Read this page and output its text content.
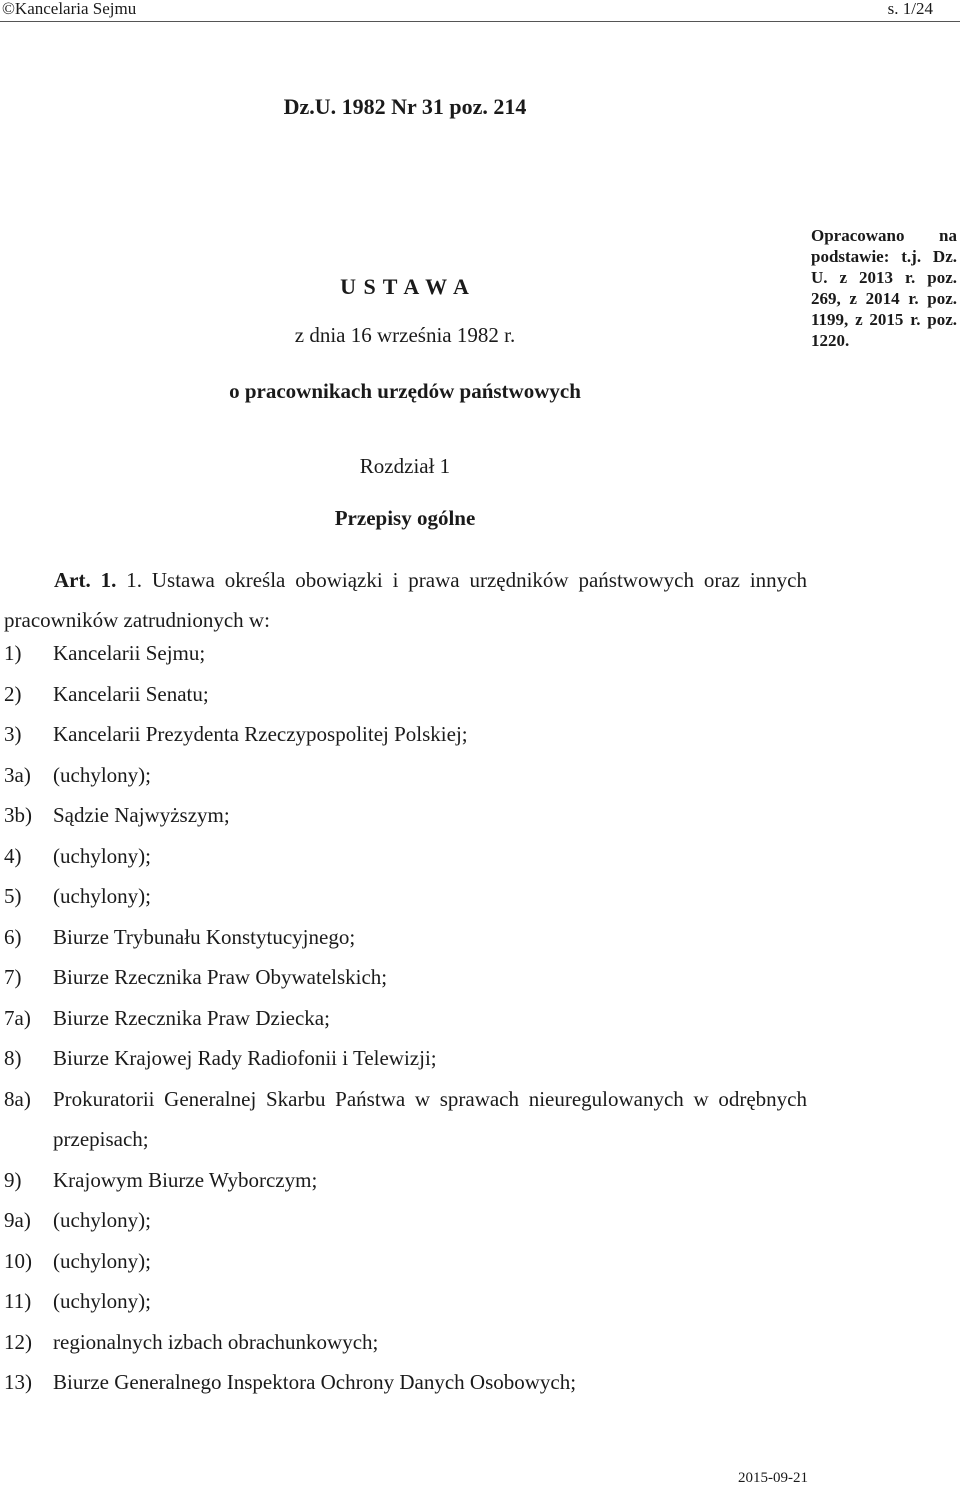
©Kancelaria Sejmu	s. 1/24
Dz.U. 1982 Nr 31 poz. 214
U S T A W A
z dnia 16 września 1982 r.
o pracownikach urzędów państwowych
Opracowano na podstawie: t.j. Dz. U. z 2013 r. poz. 269, z 2014 r. poz. 1199, z 2015 r. poz. 1220.
Rozdział 1
Przepisy ogólne
Art. 1. 1. Ustawa określa obowiązki i prawa urzędników państwowych oraz innych pracowników zatrudnionych w:
1)	Kancelarii Sejmu;
2)	Kancelarii Senatu;
3)	Kancelarii Prezydenta Rzeczypospolitej Polskiej;
3a)	(uchylony);
3b)	Sądzie Najwyższym;
4)	(uchylony);
5)	(uchylony);
6)	Biurze Trybunału Konstytucyjnego;
7)	Biurze Rzecznika Praw Obywatelskich;
7a)	Biurze Rzecznika Praw Dziecka;
8)	Biurze Krajowej Rady Radiofonii i Telewizji;
8a)	Prokuratorii Generalnej Skarbu Państwa w sprawach nieuregulowanych w odrębnych przepisach;
9)	Krajowym Biurze Wyborczym;
9a)	(uchylony);
10)	(uchylony);
11)	(uchylony);
12)	regionalnych izbach obrachunkowych;
13)	Biurze Generalnego Inspektora Ochrony Danych Osobowych;
2015-09-21
